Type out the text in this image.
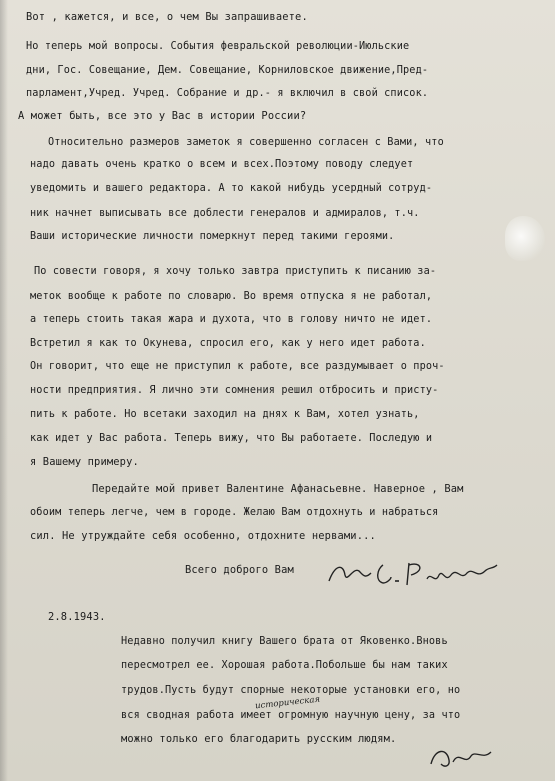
Вот , кажется, и все, о чем Вы запрашиваете.

Но теперь мой вопросы. События февральской революции-Июльские

дни, Гос. Совещание, Дем. Совещание, Корниловское движение,Пред-

парламент,Учред. Учред. Собрание и др.- я включил в свой список.

А может быть, все это у Вас в истории России?

Относительно размеров заметок я совершенно согласен с Вами, что

надо давать очень кратко о всем и всех.Поэтому поводу следует

уведомить и вашего редактора. А то какой нибудь усердный сотруд-

ник начнет выписывать все доблести генералов и адмиралов, т.ч.

Ваши исторические личности померкнут перед такими героями.

По совести говоря, я хочу только завтра приступить к писанию за-

меток вообще к работе по словарю. Во время отпуска я не работал,

а теперь стоить такая жара и духота, что в голову ничто не идет.

Встретил я как то Окунева, спросил его, как у него идет работа.

Он говорит, что еще не приступил к работе, все раздумывает о проч-

ности предприятия. Я лично эти сомнения решил отбросить и присту-

пить к работе. Но всетаки заходил на днях к Вам, хотел узнать,

как идет у Вас работа. Теперь вижу, что Вы работаете. Последую и

я Вашему примеру.

Передайте мой привет Валентине Афанасьевне. Наверное , Вам

обоим теперь легче, чем в городе. Желаю Вам отдохнуть и набраться

сил. Не утруждайте себя особенно, отдохните нервами...

Всего доброго Вам

2.8.1943.

Недавно получил книгу Вашего брата от Яковенко.Вновь

пересмотрел ее. Хорошая работа.Побольше бы нам таких

трудов.Пусть будут спорные некоторые установки его, но

вся сводная работа имеет огромную научную цену, за что

можно только его благодарить русским людям.

историческая
